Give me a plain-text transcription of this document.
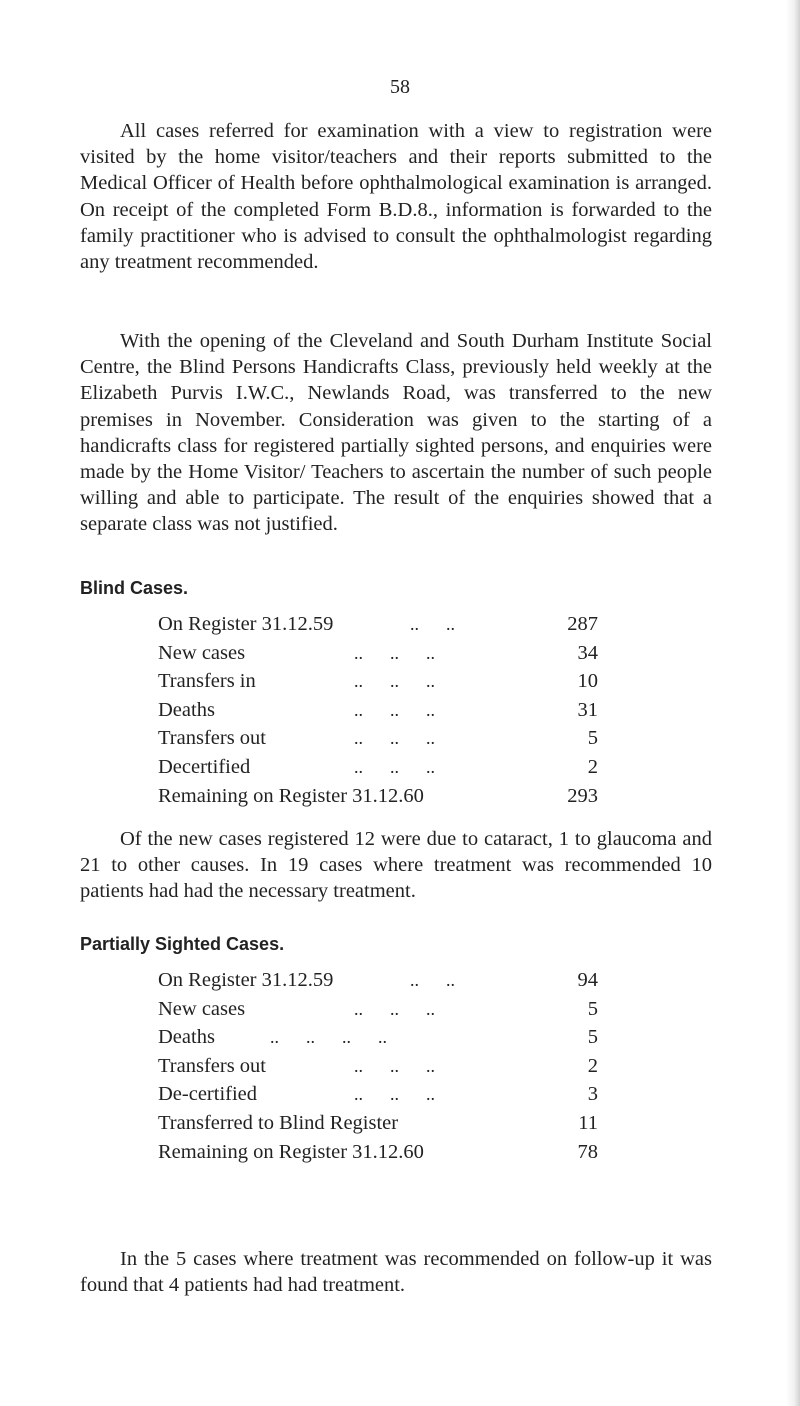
58

All cases referred for examination with a view to registration were visited by the home visitor/teachers and their reports submitted to the Medical Officer of Health before ophthalmological examination is arranged. On receipt of the completed Form B.D.8., information is forwarded to the family practitioner who is advised to consult the ophthalmologist regarding any treatment recommended.

With the opening of the Cleveland and South Durham Institute Social Centre, the Blind Persons Handicrafts Class, previously held weekly at the Elizabeth Purvis I.W.C., Newlands Road, was transferred to the new premises in November. Consideration was given to the starting of a handicrafts class for registered partially sighted persons, and enquiries were made by the Home Visitor/ Teachers to ascertain the number of such people willing and able to participate. The result of the enquiries showed that a separate class was not justified.

Blind Cases.
On Register 31.12.59	..      ..	287
New cases	..      ..      ..	34
Transfers in	..      ..      ..	10
Deaths	..      ..      ..	31
Transfers out	..      ..      ..	5
Decertified	..      ..      ..	2
Remaining on Register 31.12.60	293

Of the new cases registered 12 were due to cataract, 1 to glaucoma and 21 to other causes. In 19 cases where treatment was recommended 10 patients had had the necessary treatment.

Partially Sighted Cases.
On Register 31.12.59	..      ..	94
New cases	..      ..      ..	5
Deaths	..      ..      ..      ..	5
Transfers out	..      ..      ..	2
De-certified	..      ..      ..	3
Transferred to Blind Register	11
Remaining on Register 31.12.60	78

In the 5 cases where treatment was recommended on follow-up it was found that 4 patients had had treatment.
